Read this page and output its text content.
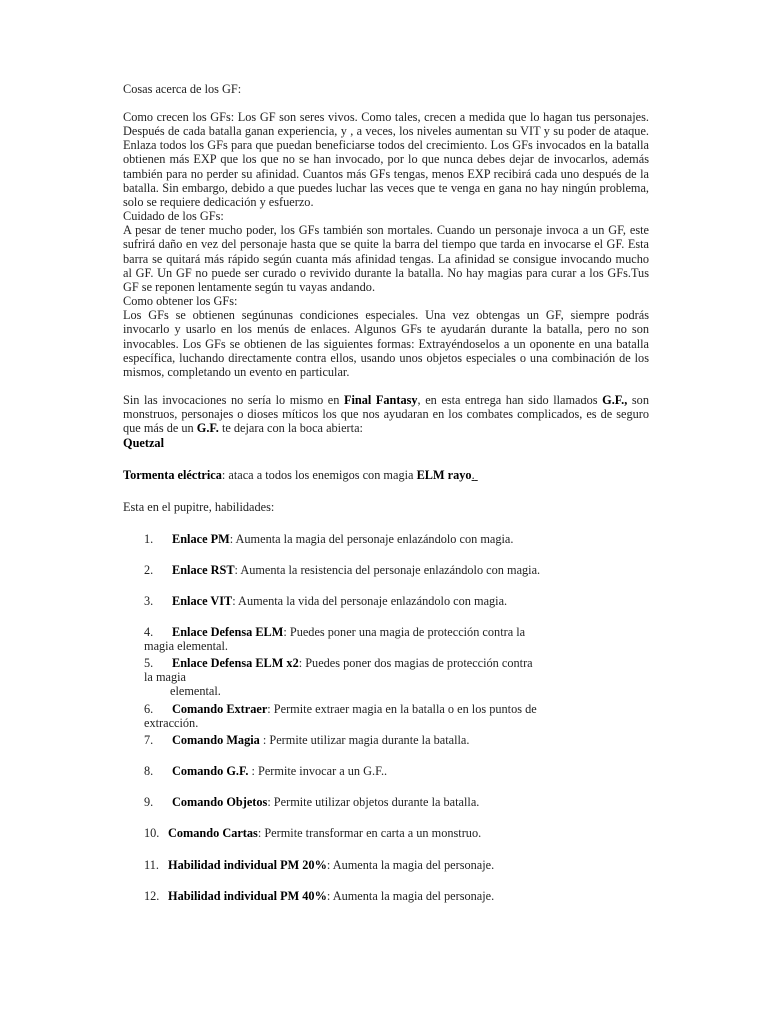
Cosas acerca de los GF:

Como crecen los GFs: Los GF son seres vivos. Como tales, crecen a medida que lo hagan tus personajes. Después de cada batalla ganan experiencia, y , a veces, los niveles aumentan su VIT y su poder de ataque. Enlaza todos los GFs para que puedan beneficiarse todos del crecimiento. Los GFs invocados en la batalla obtienen más EXP que los que no se han invocado, por lo que nunca debes dejar de invocarlos, además también para no perder su afinidad. Cuantos más GFs tengas, menos EXP recibirá cada uno después de la batalla. Sin embargo, debido a que puedes luchar las veces que te venga en gana no hay ningún problema, solo se requiere dedicación y esfuerzo.

Cuidado de los GFs:
A pesar de tener mucho poder, los GFs también son mortales. Cuando un personaje invoca a un GF, este sufrirá daño en vez del personaje hasta que se quite la barra del tiempo que tarda en invocarse el GF. Esta barra se quitará más rápido según cuanta más afinidad tengas. La afinidad se consigue invocando mucho al GF. Un GF no puede ser curado o revivido durante la batalla. No hay magias para curar a los GFs.Tus GF se reponen lentamente según tu vayas andando.

Como obtener los GFs:
Los GFs se obtienen segúnunas condiciones especiales. Una vez obtengas un GF, siempre podrás invocarlo y usarlo en los menús de enlaces. Algunos GFs te ayudarán durante la batalla, pero no son invocables. Los GFs se obtienen de las siguientes formas: Extrayéndoselos a un oponente en una batalla específica, luchando directamente contra ellos, usando unos objetos especiales o una combinación de los mismos, completando un evento en particular.

Sin las invocaciones no sería lo mismo en Final Fantasy, en esta entrega han sido llamados G.F., son monstruos, personajes o dioses míticos los que nos ayudaran en los combates complicados, es de seguro que más de un G.F. te dejara con la boca abierta:

Quetzal

Tormenta eléctrica: ataca a todos los enemigos con magia ELM rayo.

Esta en el pupitre, habilidades:

1. Enlace PM: Aumenta la magia del personaje enlazándolo con magia.
2. Enlace RST: Aumenta la resistencia del personaje enlazándolo con magia.
3. Enlace VIT: Aumenta la vida del personaje enlazándolo con magia.
4. Enlace Defensa ELM: Puedes poner una magia de protección contra la magia elemental.
5. Enlace Defensa ELM x2: Puedes poner dos magias de protección contra la magia
elemental.
6. Comando Extraer: Permite extraer magia en la batalla o en los puntos de extracción.
7. Comando Magia : Permite utilizar magia durante la batalla.
8. Comando G.F. : Permite invocar a un G.F..
9. Comando Objetos: Permite utilizar objetos durante la batalla.
10. Comando Cartas: Permite transformar en carta a un monstruo.
11. Habilidad individual PM 20%: Aumenta la magia del personaje.
12. Habilidad individual PM 40%: Aumenta la magia del personaje.
